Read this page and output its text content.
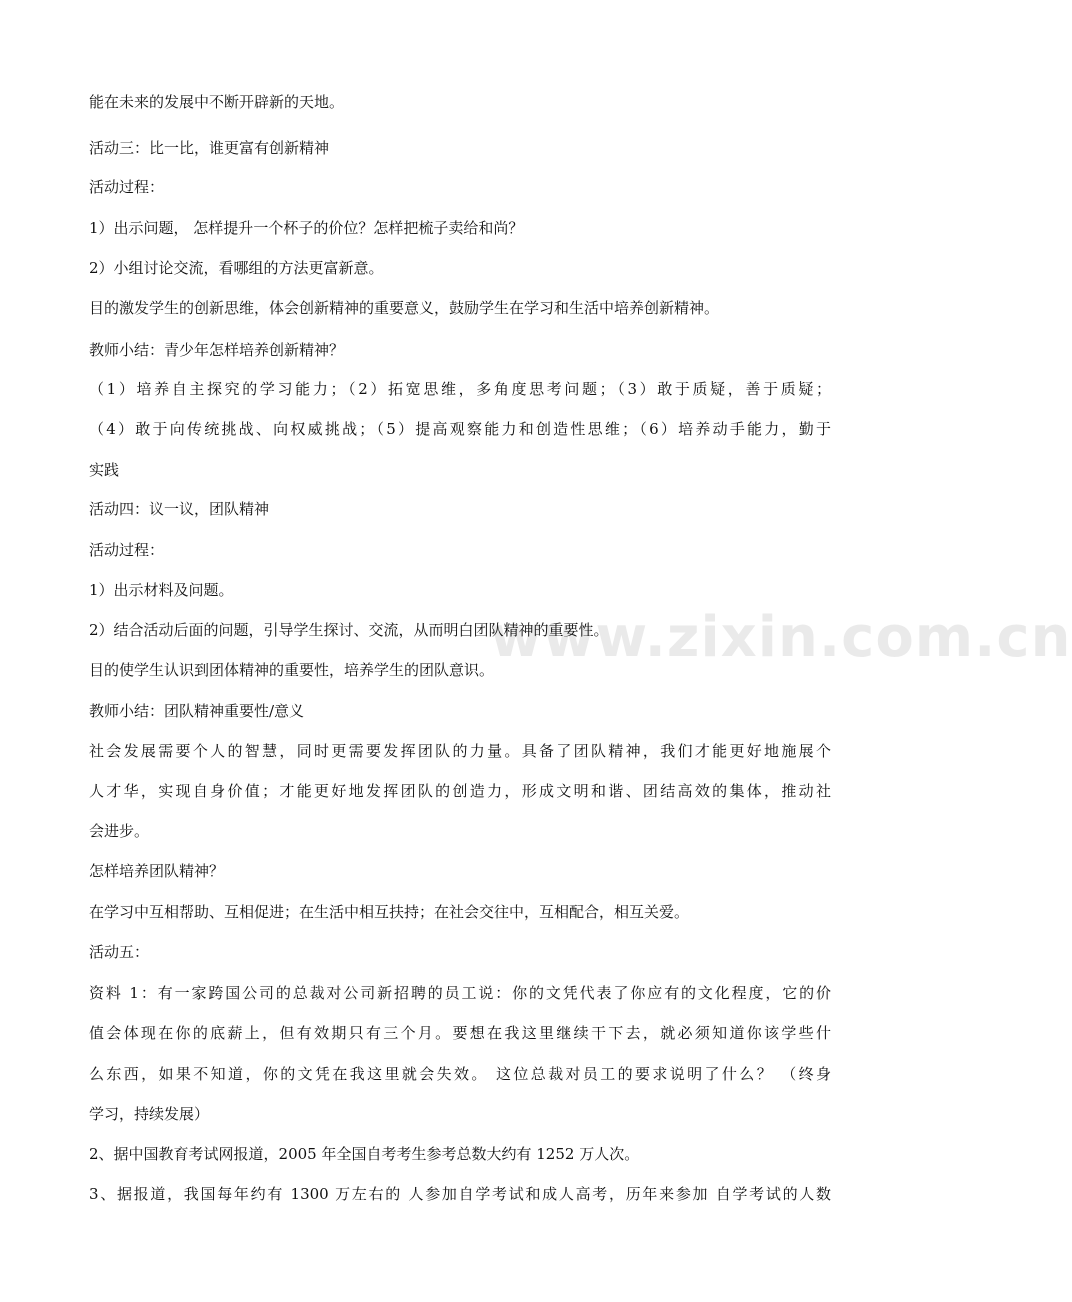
www.zixin.com.cn
能在未来的发展中不断开辟新的天地。
活动三：比一比，谁更富有创新精神
活动过程：
1）出示问题， 怎样提升一个杯子的价位？怎样把梳子卖给和尚？
2）小组讨论交流，看哪组的方法更富新意。
目的激发学生的创新思维，体会创新精神的重要意义，鼓励学生在学习和生活中培养创新精神。
教师小结：青少年怎样培养创新精神？
（1）培养自主探究的学习能力；（2）拓宽思维，多角度思考问题；（3）敢于质疑，善于质疑；
（4）敢于向传统挑战、向权威挑战；（5）提高观察能力和创造性思维；（6）培养动手能力，勤于
实践
活动四：议一议，团队精神
活动过程：
1）出示材料及问题。
2）结合活动后面的问题，引导学生探讨、交流，从而明白团队精神的重要性。
目的使学生认识到团体精神的重要性，培养学生的团队意识。
教师小结：团队精神重要性/意义
社会发展需要个人的智慧，同时更需要发挥团队的力量。具备了团队精神，我们才能更好地施展个
人才华，实现自身价值；才能更好地发挥团队的创造力，形成文明和谐、团结高效的集体，推动社
会进步。
怎样培养团队精神？
在学习中互相帮助、互相促进；在生活中相互扶持；在社会交往中，互相配合，相互关爱。
活动五：
资料 1：有一家跨国公司的总裁对公司新招聘的员工说：你的文凭代表了你应有的文化程度，它的价
值会体现在你的底薪上，但有效期只有三个月。要想在我这里继续干下去，就必须知道你该学些什
么东西，如果不知道，你的文凭在我这里就会失效。 这位总裁对员工的要求说明了什么？ （终身
学习，持续发展）
2、据中国教育考试网报道，2005 年全国自考考生参考总数大约有 1252 万人次。
3、据报道，我国每年约有 1300 万左右的 人参加自学考试和成人高考，历年来参加 自学考试的人数
